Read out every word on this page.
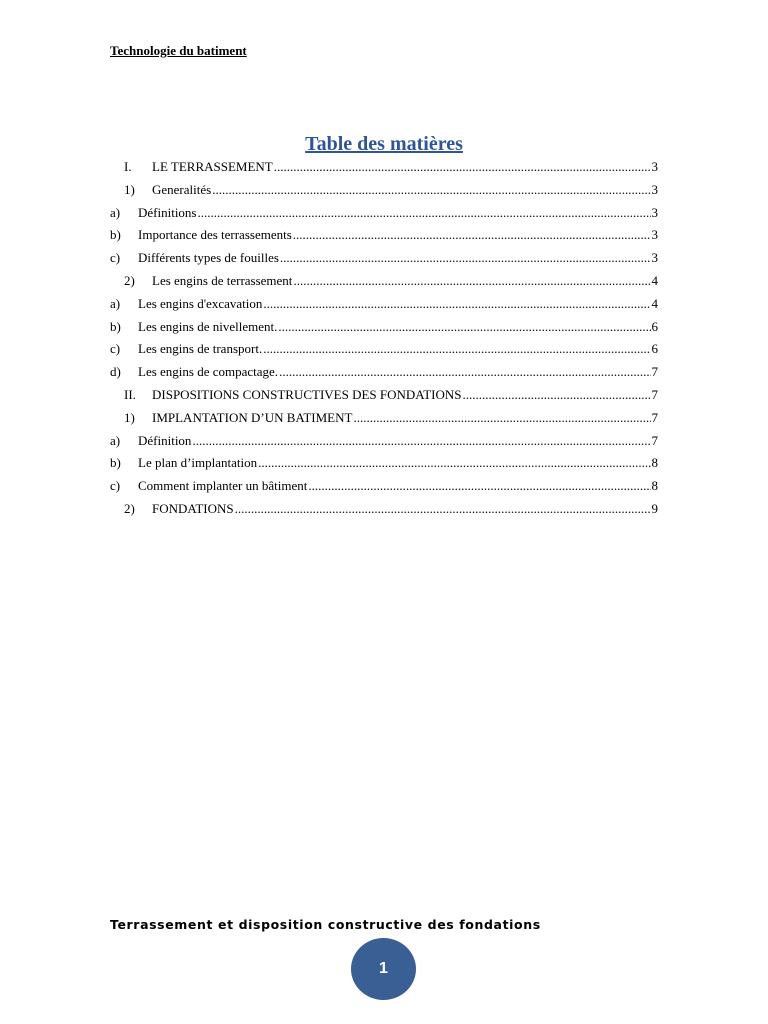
Technologie du batiment
Table des matières
I.	LE TERRASSEMENT .....	3
1)	Generalités .....	3
a)	Définitions .....	3
b)	Importance des terrassements .....	3
c)	Différents types de fouilles .....	3
2)	Les engins de terrassement .....	4
a)	Les engins d'excavation .....	4
b)	Les engins de nivellement. .....	6
c)	Les engins de transport. .....	6
d)	Les engins de compactage. .....	7
II.	DISPOSITIONS CONSTRUCTIVES DES FONDATIONS .....	7
1)	IMPLANTATION D’UN BATIMENT .....	7
a)	Définition .....	7
b)	Le plan d’implantation .....	8
c)	Comment implanter un bâtiment .....	8
2)	FONDATIONS .....	9
Terrassement et disposition constructive des fondations
1
